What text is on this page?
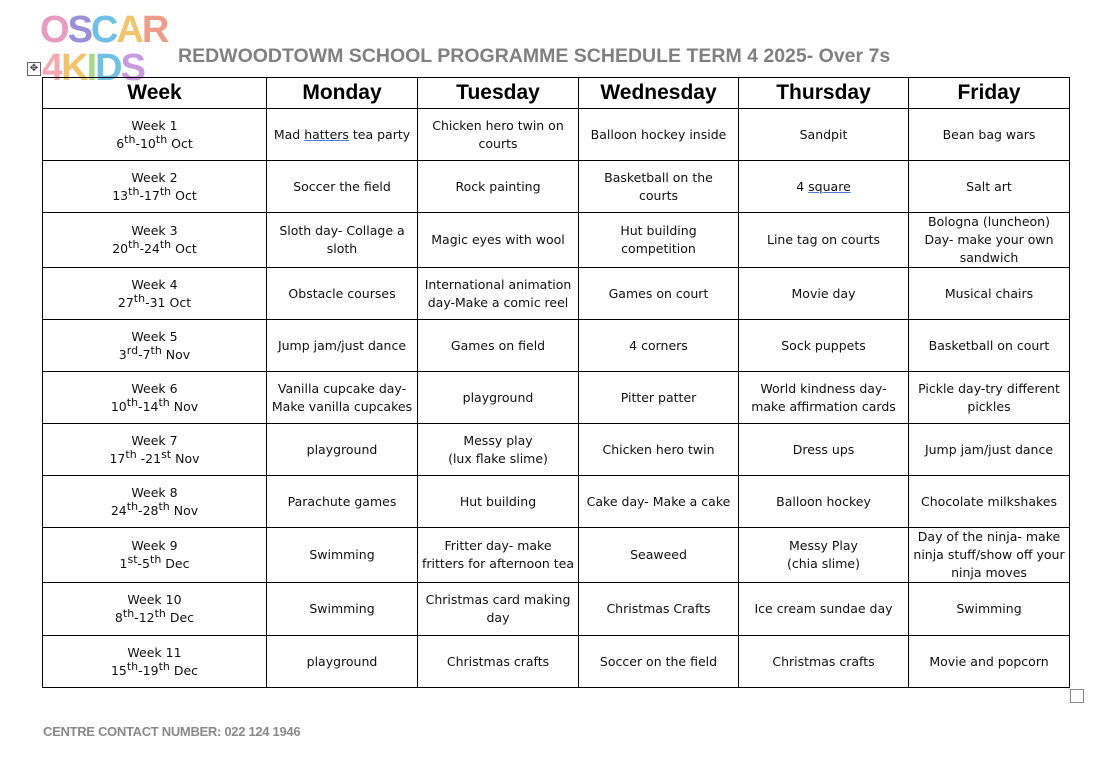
OSCAR
4KIDS REDWOODTOWM SCHOOL PROGRAMME SCHEDULE TERM 4 2025- Over 7s
✥
Week	Monday	Tuesday	Wednesday	Thursday	Friday
Week 1
6th-10th Oct	Mad hatters tea party	Chicken hero twin on courts	Balloon hockey inside	Sandpit	Bean bag wars
Week 2
13th-17th Oct	Soccer the field	Rock painting	Basketball on the courts	4 square	Salt art
Week 3
20th-24th Oct	Sloth day- Collage a sloth	Magic eyes with wool	Hut building competition	Line tag on courts	Bologna (luncheon) Day- make your own sandwich
Week 4
27th-31 Oct	Obstacle courses	International animation day-Make a comic reel	Games on court	Movie day	Musical chairs
Week 5
3rd-7th Nov	Jump jam/just dance	Games on field	4 corners	Sock puppets	Basketball on court
Week 6
10th-14th Nov	Vanilla cupcake day- Make vanilla cupcakes	playground	Pitter patter	World kindness day- make affirmation cards	Pickle day-try different pickles
Week 7
17th -21st Nov	playground	Messy play
(lux flake slime)	Chicken hero twin	Dress ups	Jump jam/just dance
Week 8
24th-28th Nov	Parachute games	Hut building	Cake day- Make a cake	Balloon hockey	Chocolate milkshakes
Week 9
1st-5th Dec	Swimming	Fritter day- make fritters for afternoon tea	Seaweed	Messy Play
(chia slime)	Day of the ninja- make ninja stuff/show off your ninja moves
Week 10
8th-12th Dec	Swimming	Christmas card making day	Christmas Crafts	Ice cream sundae day	Swimming
Week 11
15th-19th Dec	playground	Christmas crafts	Soccer on the field	Christmas crafts	Movie and popcorn
CENTRE CONTACT NUMBER: 022 124 1946
